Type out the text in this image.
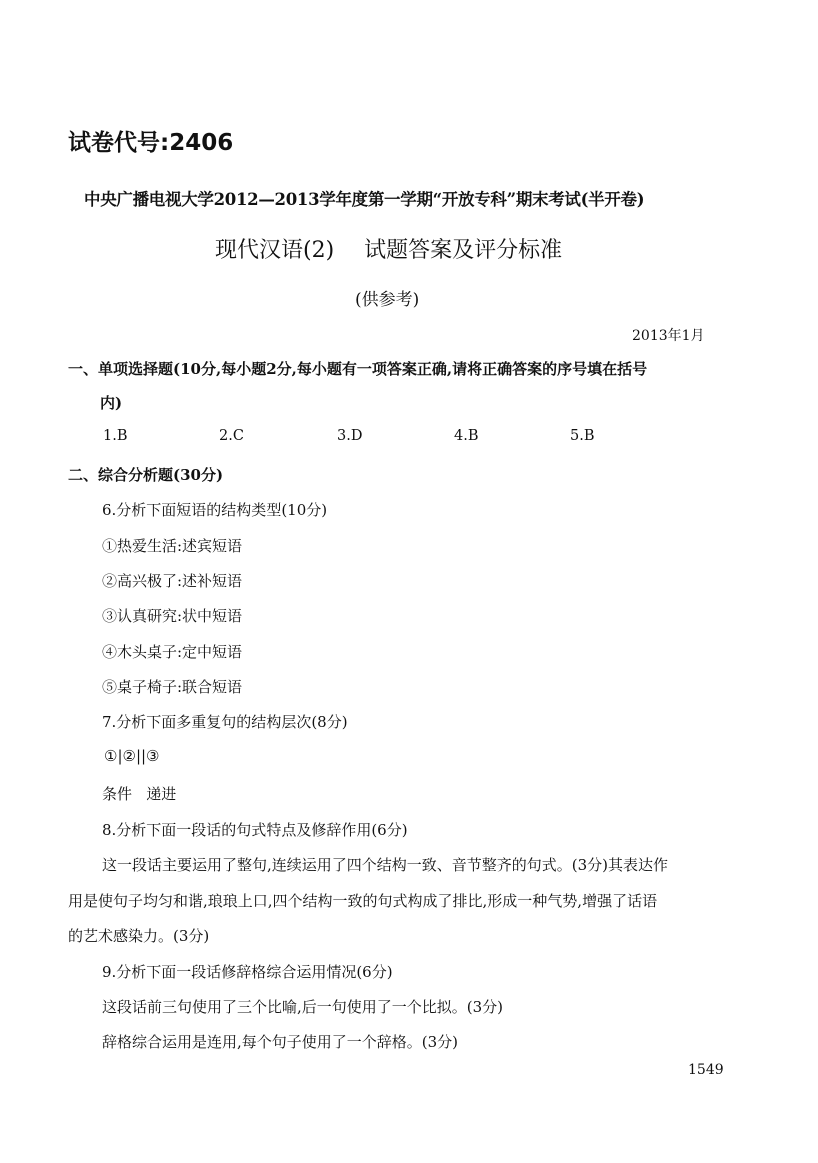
试卷代号:2406
中央广播电视大学2012—2013学年度第一学期“开放专科”期末考试(半开卷)
现代汉语(2) 试题答案及评分标准
(供参考)
2013年1月
一、单项选择题(10分,每小题2分,每小题有一项答案正确,请将正确答案的序号填在括号
内)
1.B	2.C	3.D	4.B	5.B
二、综合分析题(30分)
6.分析下面短语的结构类型(10分)
①热爱生活:述宾短语
②高兴极了:述补短语
③认真研究:状中短语
④木头桌子:定中短语
⑤桌子椅子:联合短语
7.分析下面多重复句的结构层次(8分)
①|②||③
条件   递进
8.分析下面一段话的句式特点及修辞作用(6分)
这一段话主要运用了整句,连续运用了四个结构一致、音节整齐的句式。(3分)其表达作
用是使句子均匀和谐,琅琅上口,四个结构一致的句式构成了排比,形成一种气势,增强了话语
的艺术感染力。(3分)
9.分析下面一段话修辞格综合运用情况(6分)
这段话前三句使用了三个比喻,后一句使用了一个比拟。(3分)
辞格综合运用是连用,每个句子使用了一个辞格。(3分)
1549
